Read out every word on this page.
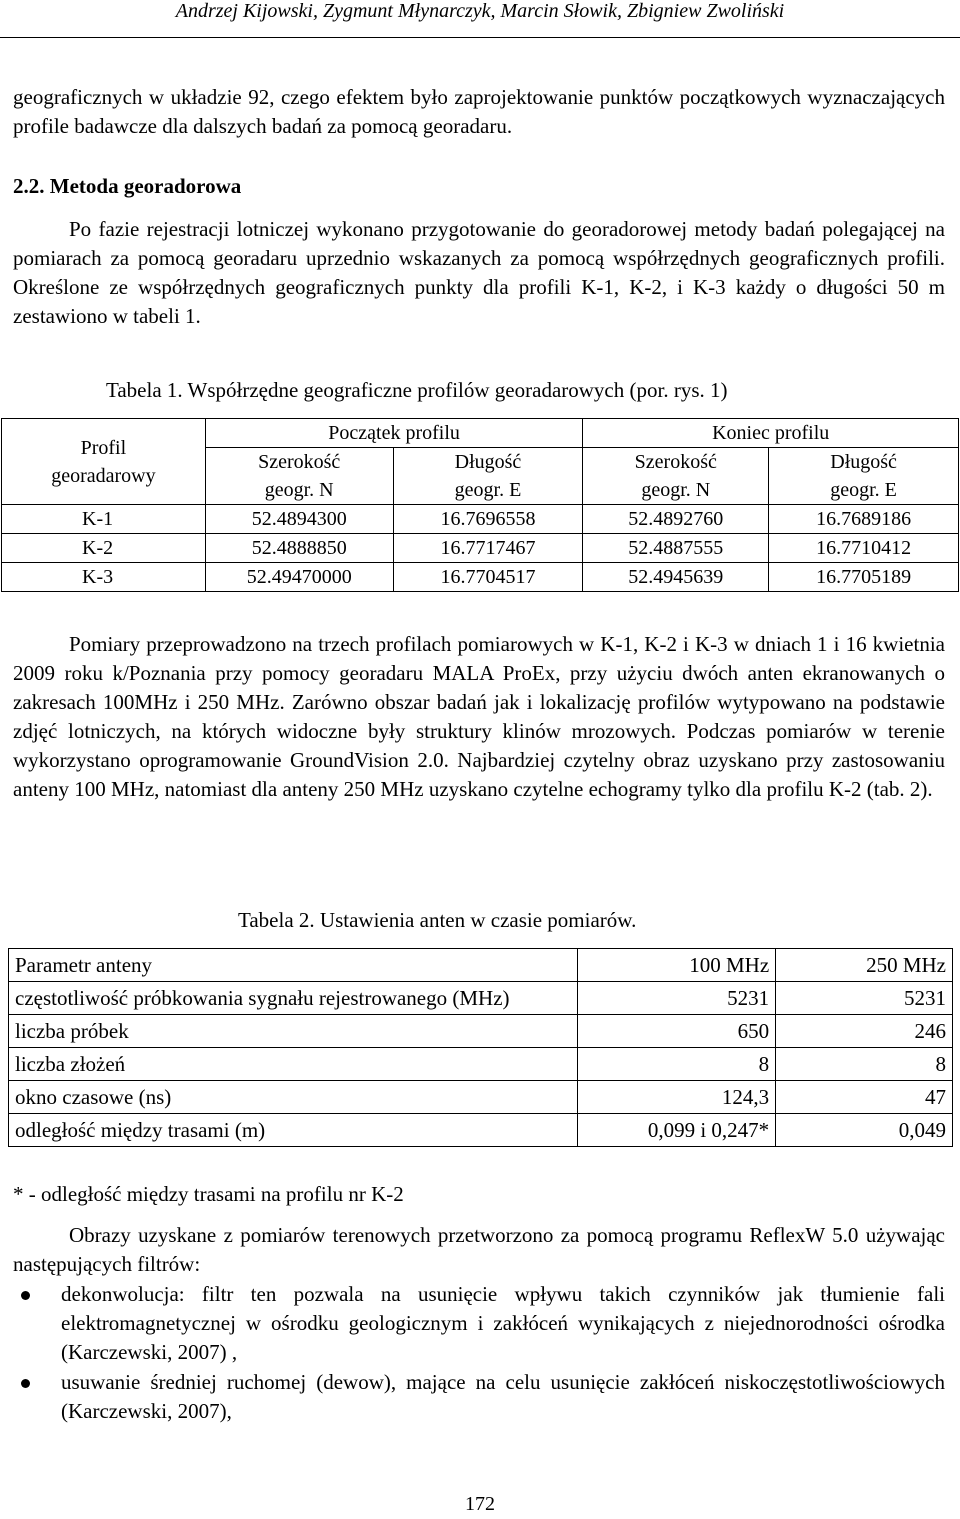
Andrzej Kijowski, Zygmunt Młynarczyk, Marcin Słowik, Zbigniew Zwoliński
geograficznych w układzie 92, czego efektem było zaprojektowanie punktów początkowych wyznaczających profile badawcze dla dalszych badań za pomocą georadaru.
2.2. Metoda georadorowa
Po fazie rejestracji lotniczej wykonano przygotowanie do georadorowej metody badań polegającej na pomiarach za pomocą georadaru uprzednio wskazanych za pomocą współrzędnych geograficznych profili. Określone ze współrzędnych geograficznych punkty dla profili K-1, K-2, i K-3 każdy o długości 50 m zestawiono w tabeli 1.
Tabela 1. Współrzędne geograficzne profilów georadarowych (por. rys. 1)
Profil
georadarowy	Początek profilu		Koniec profilu	
	Szerokość	Długość	Szerokość	Długość
	geogr. N	geogr. E	geogr. N	geogr. E
K-1	52.4894300	16.7696558	52.4892760	16.7689186
K-2	52.4888850	16.7717467	52.4887555	16.7710412
K-3	52.49470000	16.7704517	52.4945639	16.7705189
Pomiary przeprowadzono na trzech profilach pomiarowych w K-1, K-2 i K-3 w dniach 1 i 16 kwietnia 2009 roku k/Poznania przy pomocy georadaru MALA ProEx, przy użyciu dwóch anten ekranowanych o zakresach 100MHz i 250 MHz. Zarówno obszar badań jak i lokalizację profilów wytypowano na podstawie zdjęć lotniczych, na których widoczne były struktury klinów mrozowych. Podczas pomiarów w terenie wykorzystano oprogramowanie GroundVision 2.0. Najbardziej czytelny obraz uzyskano przy zastosowaniu anteny 100 MHz, natomiast dla anteny 250 MHz uzyskano czytelne echogramy tylko dla profilu K-2 (tab. 2).
Tabela 2. Ustawienia anten w czasie pomiarów.
Parametr anteny	100 MHz	250 MHz
częstotliwość próbkowania sygnału rejestrowanego (MHz)	5231	5231
liczba próbek	650	246
liczba złożeń	8	8
okno czasowe (ns)	124,3	47
odległość między trasami (m)	0,099 i 0,247*	0,049
* - odległość między trasami na profilu nr K-2
Obrazy uzyskane z pomiarów terenowych przetworzono za pomocą programu ReflexW 5.0 używając następujących filtrów:
dekonwolucja: filtr ten pozwala na usunięcie wpływu takich czynników jak tłumienie fali elektromagnetycznej w ośrodku geologicznym i zakłóceń wynikających z niejednorodności ośrodka (Karczewski, 2007) ,
usuwanie średniej ruchomej (dewow), mające na celu usunięcie zakłóceń niskoczęstotliwościowych (Karczewski, 2007),
172
